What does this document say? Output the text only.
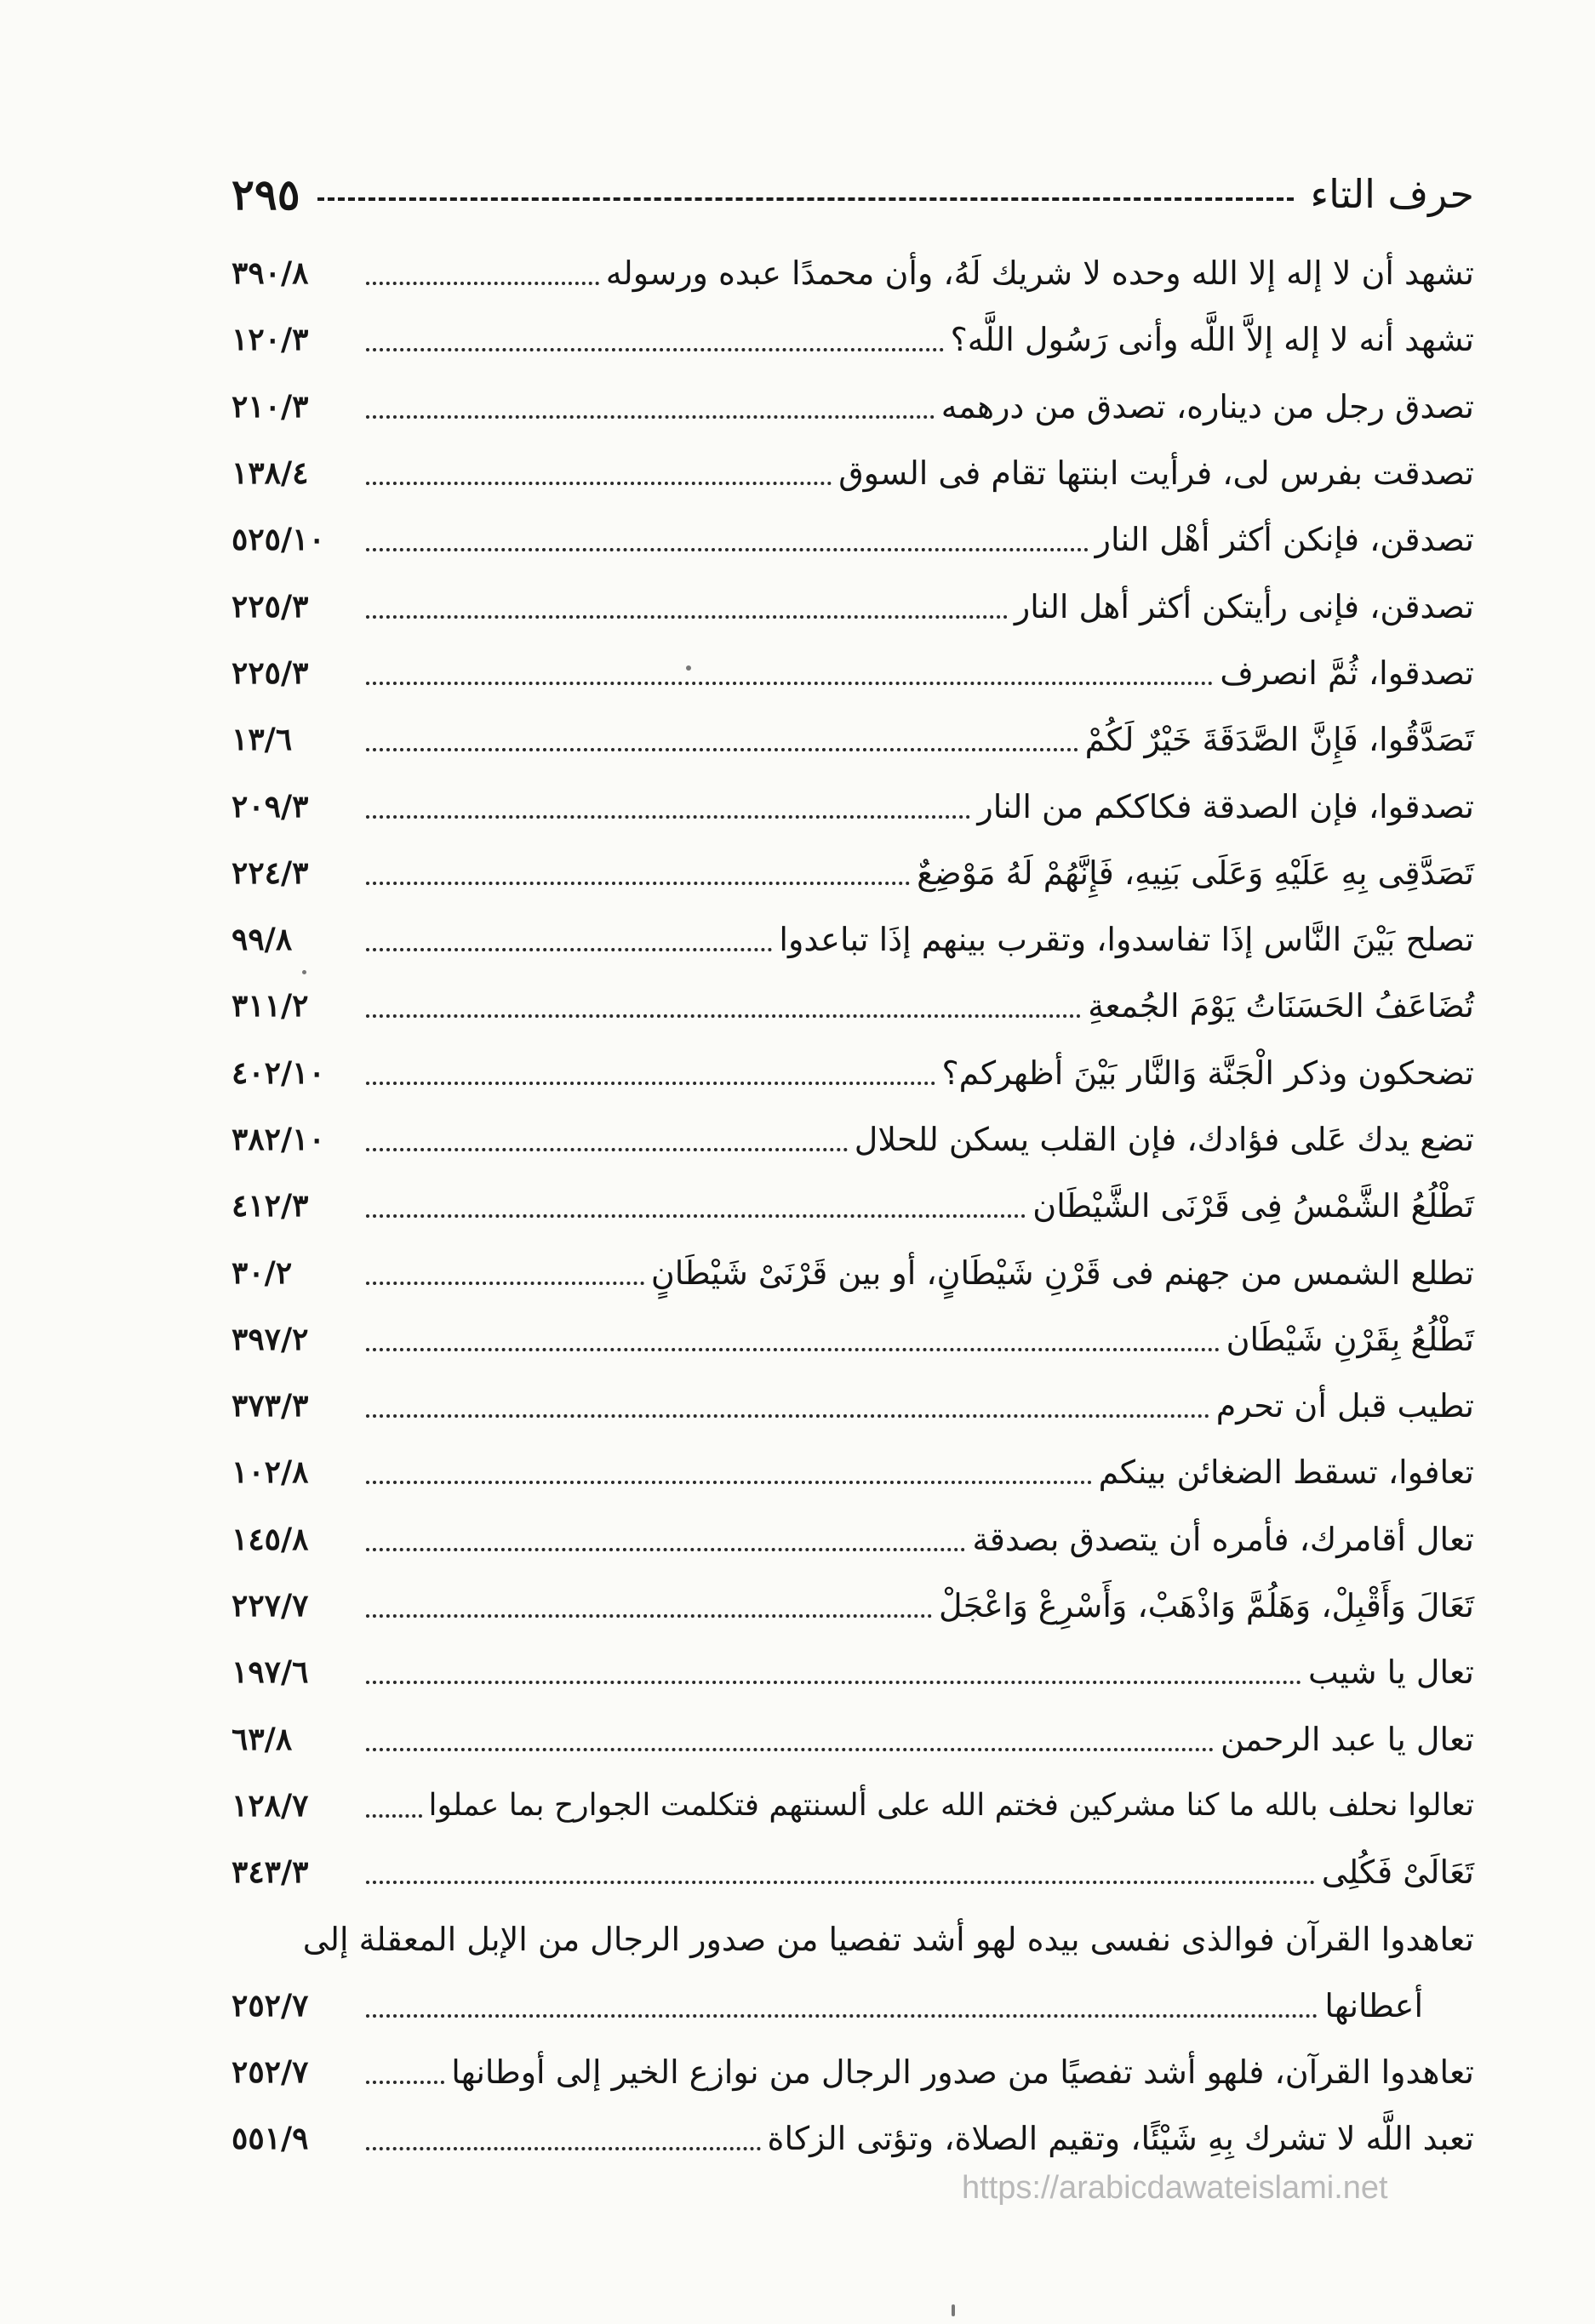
حرف التاء
٢٩٥
تشهد أن لا إله إلا الله وحده لا شريك لَهُ، وأن محمدًا عبده ورسوله
٣٩٠/٨
تشهد أنه لا إله إلاَّ اللَّه وأنى رَسُول اللَّه؟
١٢٠/٣
تصدق رجل من ديناره، تصدق من درهمه
٢١٠/٣
تصدقت بفرس لى، فرأيت ابنتها تقام فى السوق
١٣٨/٤
تصدقن، فإنكن أكثر أهْل النار
٥٢٥/١٠
تصدقن، فإنى رأيتكن أكثر أهل النار
٢٢٥/٣
تصدقوا، ثُمَّ انصرف
٢٢٥/٣
تَصَدَّقُوا، فَإِنَّ الصَّدَقَةَ خَيْرٌ لَكُمْ
١٣/٦
تصدقوا، فإن الصدقة فكاككم من النار
٢٠٩/٣
تَصَدَّقِى بِهِ عَلَيْهِ وَعَلَى بَنِيهِ، فَإِنَّهُمْ لَهُ مَوْضِعٌ
٢٢٤/٣
تصلح بَيْنَ النَّاس إذَا تفاسدوا، وتقرب بينهم إذَا تباعدوا
٩٩/٨
تُضَاعَفُ الحَسَنَاتُ يَوْمَ الجُمعةِ
٣١١/٢
تضحكون وذكر الْجَنَّة وَالنَّار بَيْنَ أظهركم؟
٤٠٢/١٠
تضع يدك عَلى فؤادك، فإن القلب يسكن للحلال
٣٨٢/١٠
تَطْلُعُ الشَّمْسُ فِى قَرْنَى الشَّيْطَان
٤١٢/٣
تطلع الشمس من جهنم فى قَرْنِ شَيْطَانٍ، أو بين قَرْنَىْ شَيْطَانٍ
٣٠/٢
تَطْلُعُ بِقَرْنِ شَيْطَان
٣٩٧/٢
تطيب قبل أن تحرم
٣٧٣/٣
تعافوا، تسقط الضغائن بينكم
١٠٢/٨
تعال أقامرك، فأمره أن يتصدق بصدقة
١٤٥/٨
تَعَالَ وَأَقْبِلْ، وَهَلُمَّ وَاذْهَبْ، وَأَسْرِعْ وَاعْجَلْ
٢٢٧/٧
تعال يا شيب
١٩٧/٦
تعال يا عبد الرحمن
٦٣/٨
تعالوا نحلف بالله ما كنا مشركين فختم الله على ألسنتهم فتكلمت الجوارح بما عملوا
١٢٨/٧
تَعَالَىْ فَكُلِى
٣٤٣/٣
تعاهدوا القرآن فوالذى نفسى بيده لهو أشد تفصيا من صدور الرجال من الإبل المعقلة إلى
أعطانها
٢٥٢/٧
تعاهدوا القرآن، فلهو أشد تفصيًا من صدور الرجال من نوازع الخير إلى أوطانها
٢٥٢/٧
تعبد اللَّه لا تشرك بِهِ شَيْئًا، وتقيم الصلاة، وتؤتى الزكاة
٥٥١/٩
https://arabicdawateislami.net
